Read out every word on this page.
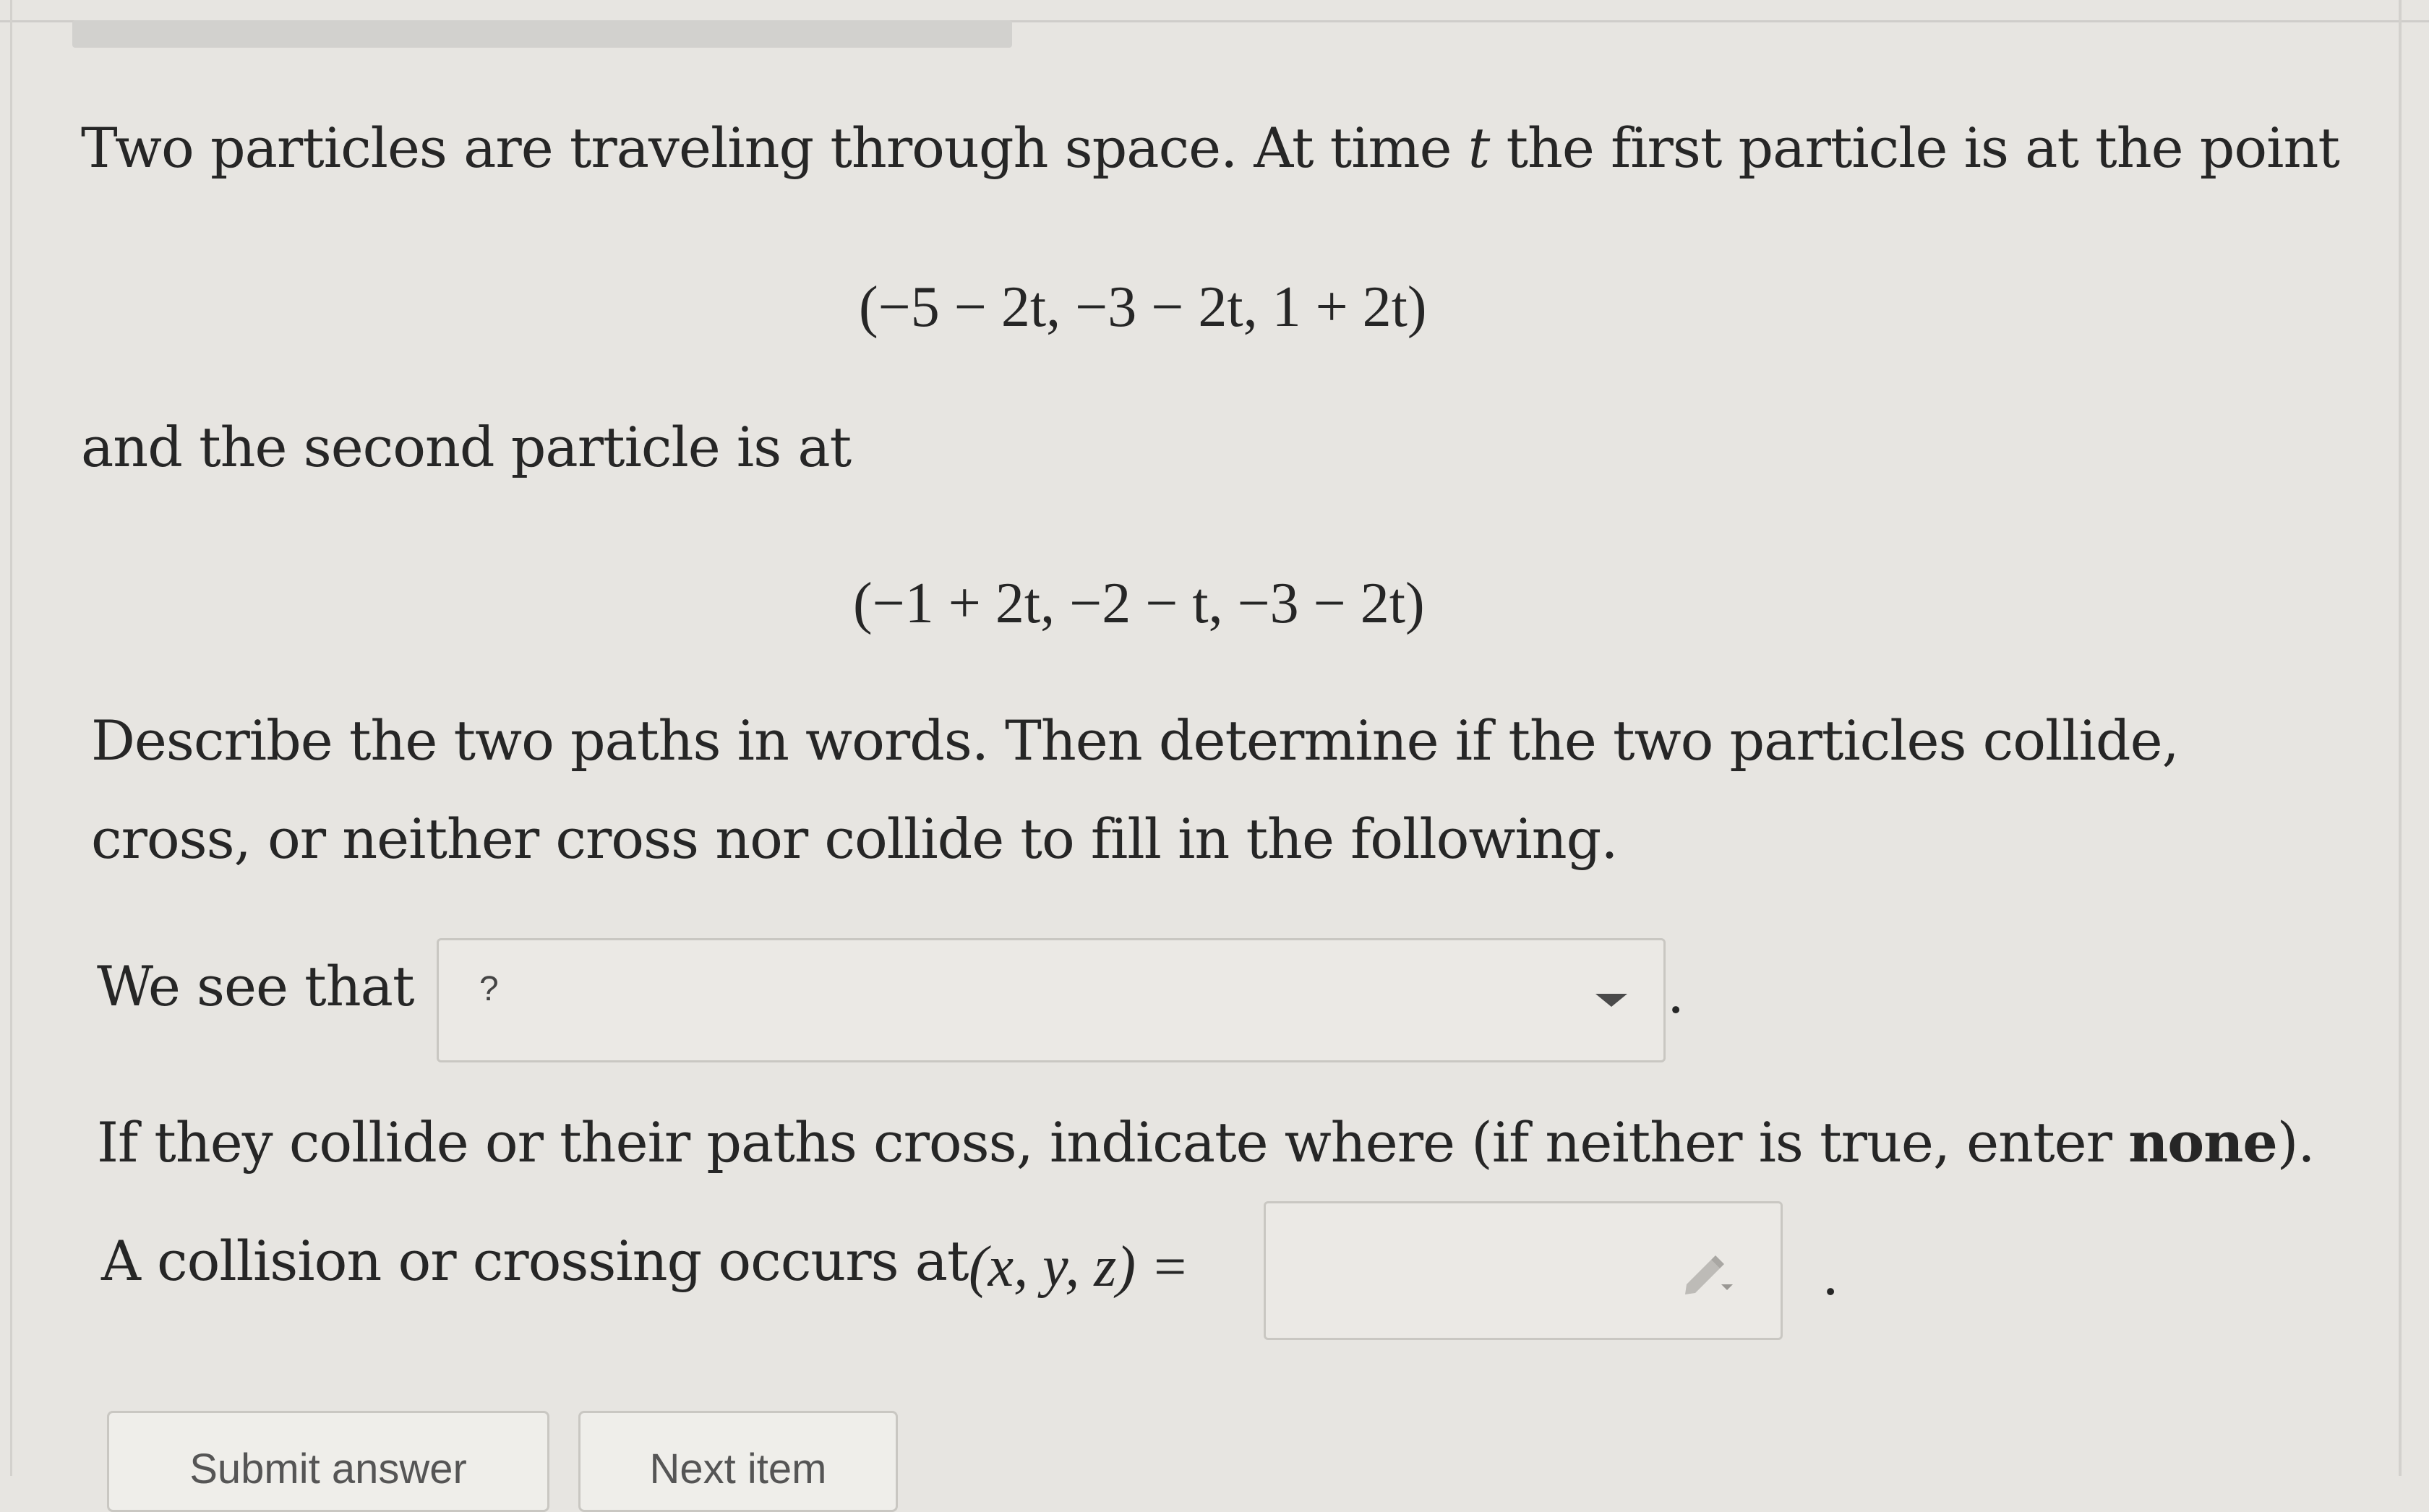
Two particles are traveling through space. At time t the first particle is at the point
(−5 − 2t, −3 − 2t, 1 + 2t)
and the second particle is at
(−1 + 2t, −2 − t, −3 − 2t)
Describe the two paths in words. Then determine if the two particles collide,
cross, or neither cross nor collide to fill in the following.
We see that ?	.
If they collide or their paths cross, indicate where (if neither is true, enter none).
A collision or crossing occurs at (x, y, z) =	.
Submit answer	Next item
